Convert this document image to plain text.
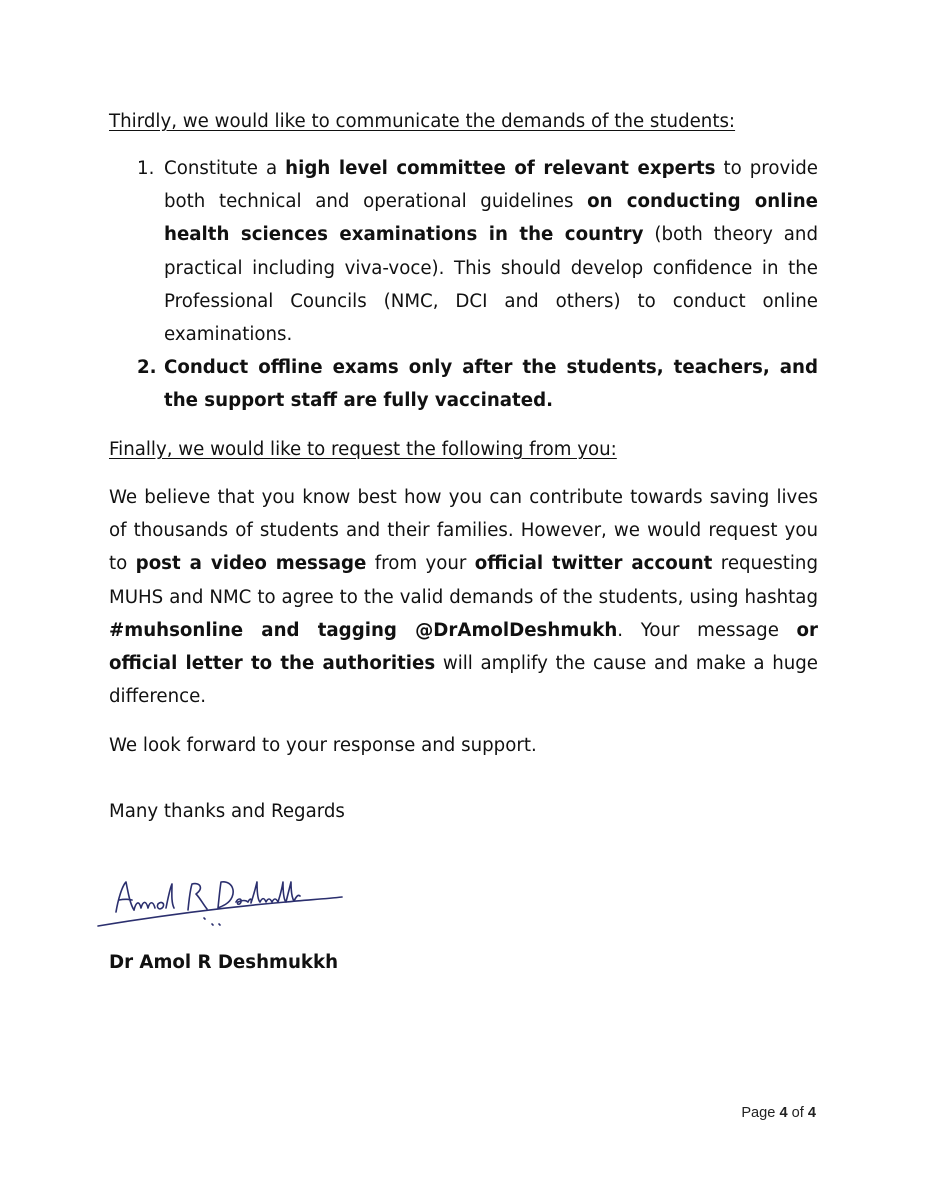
Thirdly, we would like to communicate the demands of the students:

1. Constitute a high level committee of relevant experts to provide both technical and operational guidelines on conducting online health sciences examinations in the country (both theory and practical including viva-voce). This should develop confidence in the Professional Councils (NMC, DCI and others) to conduct online examinations.
2. Conduct offline exams only after the students, teachers, and the support staff are fully vaccinated.

Finally, we would like to request the following from you:

We believe that you know best how you can contribute towards saving lives of thousands of students and their families. However, we would request you to post a video message from your official twitter account requesting MUHS and NMC to agree to the valid demands of the students, using hashtag #muhsonline and tagging @DrAmolDeshmukh. Your message or official letter to the authorities will amplify the cause and make a huge difference.

We look forward to your response and support.

Many thanks and Regards

Dr Amol R Deshmukkh

Page 4 of 4
